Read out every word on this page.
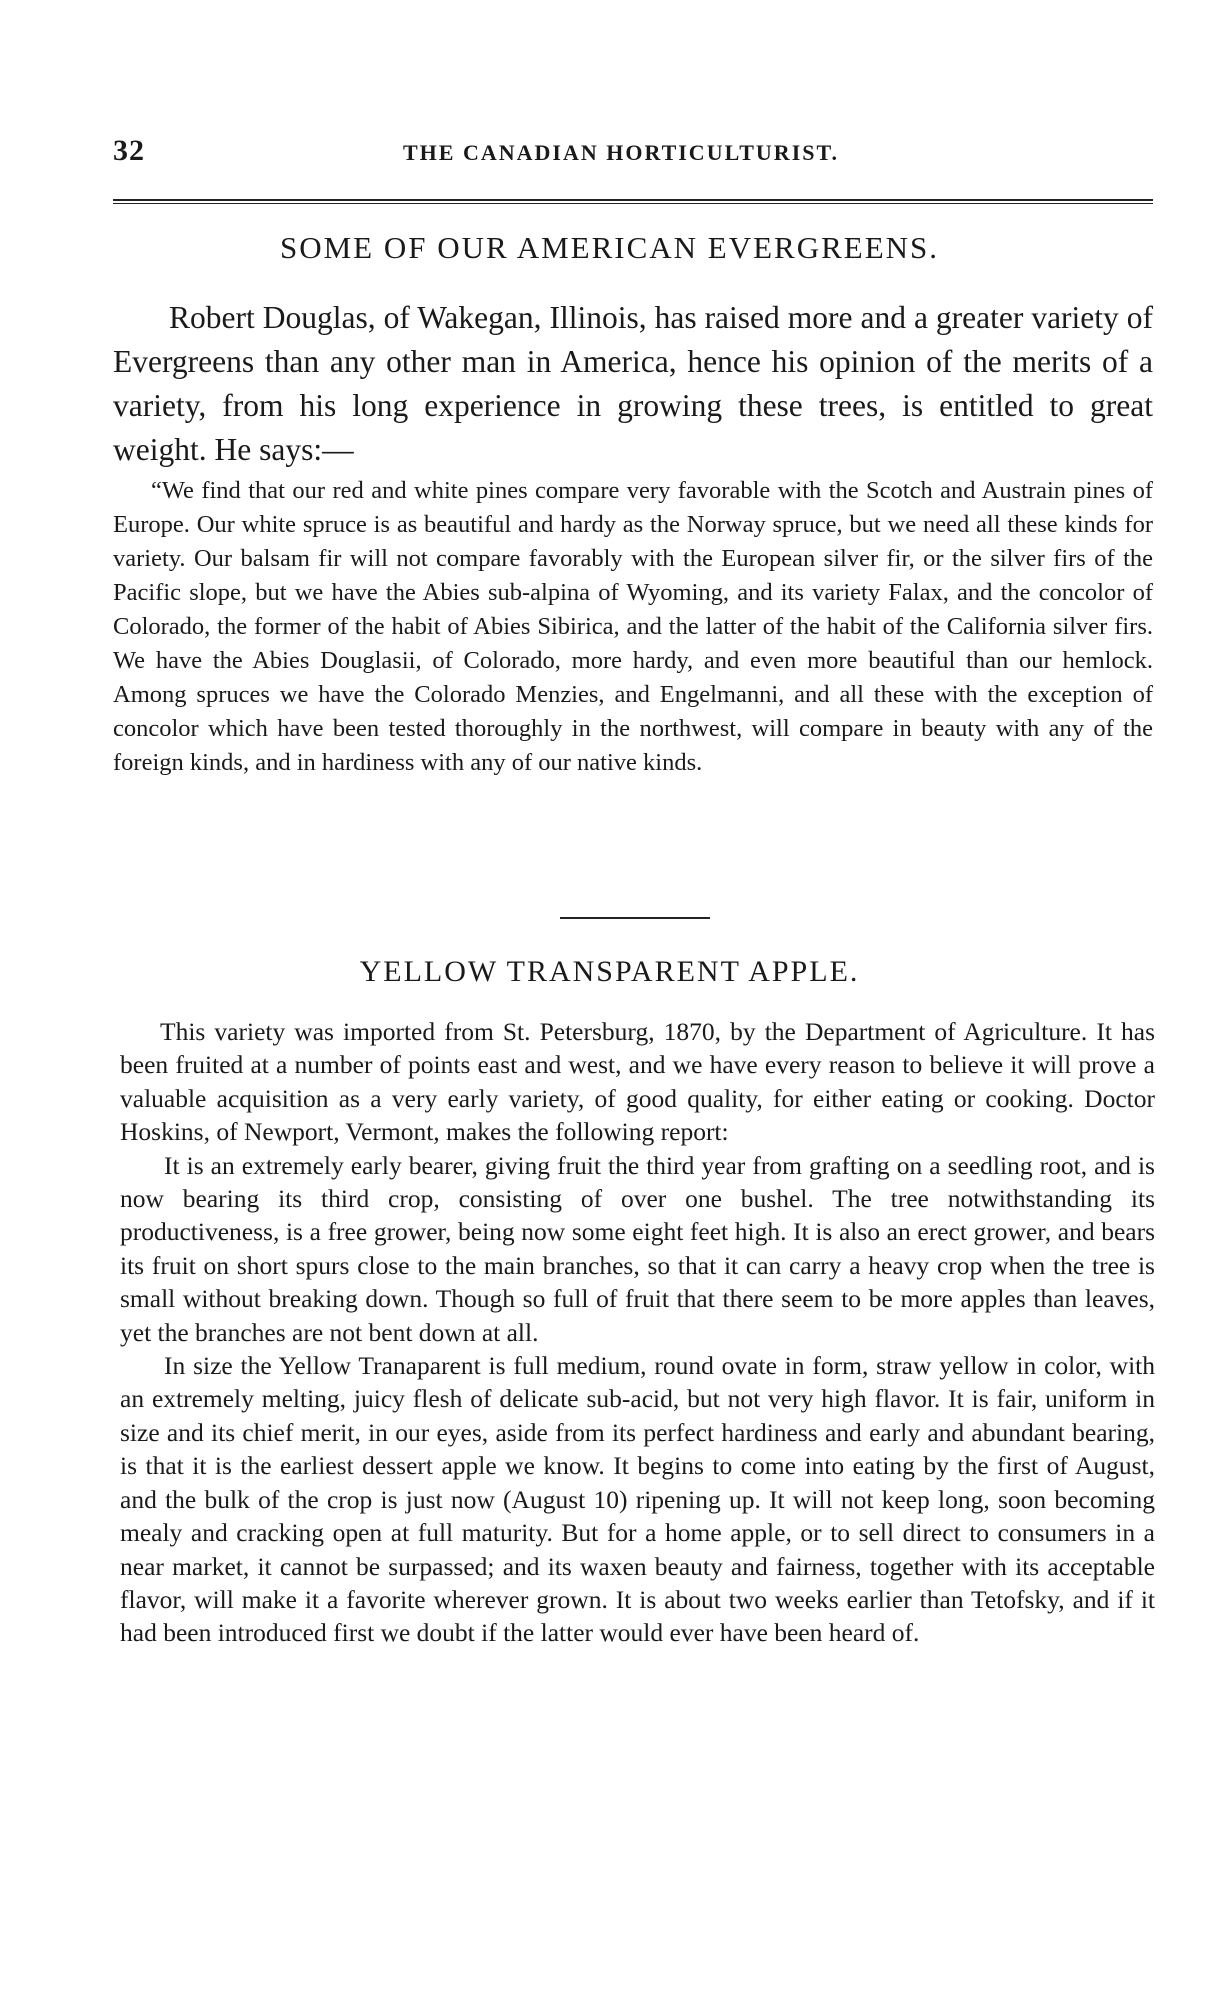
32	THE CANADIAN HORTICULTURIST.
SOME OF OUR AMERICAN EVERGREENS.

Robert Douglas, of Wakegan, Illinois, has raised more and a greater variety of Evergreens than any other man in America, hence his opinion of the merits of a variety, from his long experience in growing these trees, is entitled to great weight. He says:—

“We find that our red and white pines compare very favorable with the Scotch and Austrain pines of Europe. Our white spruce is as beautiful and hardy as the Norway spruce, but we need all these kinds for variety. Our balsam fir will not compare favorably with the European silver fir, or the silver firs of the Pacific slope, but we have the Abies sub-alpina of Wyoming, and its variety Falax, and the concolor of Colorado, the former of the habit of Abies Sibirica, and the latter of the habit of the California silver firs. We have the Abies Douglasii, of Colorado, more hardy, and even more beautiful than our hemlock. Among spruces we have the Colorado Menzies, and Engelmanni, and all these with the exception of concolor which have been tested thoroughly in the northwest, will compare in beauty with any of the foreign kinds, and in hardiness with any of our native kinds.

YELLOW TRANSPARENT APPLE.

This variety was imported from St. Petersburg, 1870, by the Department of Agriculture. It has been fruited at a number of points east and west, and we have every reason to believe it will prove a valuable acquisition as a very early variety, of good quality, for either eating or cooking. Doctor Hoskins, of Newport, Vermont, makes the following report:

It is an extremely early bearer, giving fruit the third year from grafting on a seedling root, and is now bearing its third crop, consisting of over one bushel. The tree notwithstanding its productiveness, is a free grower, being now some eight feet high. It is also an erect grower, and bears its fruit on short spurs close to the main branches, so that it can carry a heavy crop when the tree is small without breaking down. Though so full of fruit that there seem to be more apples than leaves, yet the branches are not bent down at all.

In size the Yellow Tranaparent is full medium, round ovate in form, straw yellow in color, with an extremely melting, juicy flesh of delicate sub-acid, but not very high flavor. It is fair, uniform in size and its chief merit, in our eyes, aside from its perfect hardiness and early and abundant bearing, is that it is the earliest dessert apple we know. It begins to come into eating by the first of August, and the bulk of the crop is just now (August 10) ripening up. It will not keep long, soon becoming mealy and cracking open at full maturity. But for a home apple, or to sell direct to consumers in a near market, it cannot be surpassed; and its waxen beauty and fairness, together with its acceptable flavor, will make it a favorite wherever grown. It is about two weeks earlier than Tetofsky, and if it had been introduced first we doubt if the latter would ever have been heard of.
